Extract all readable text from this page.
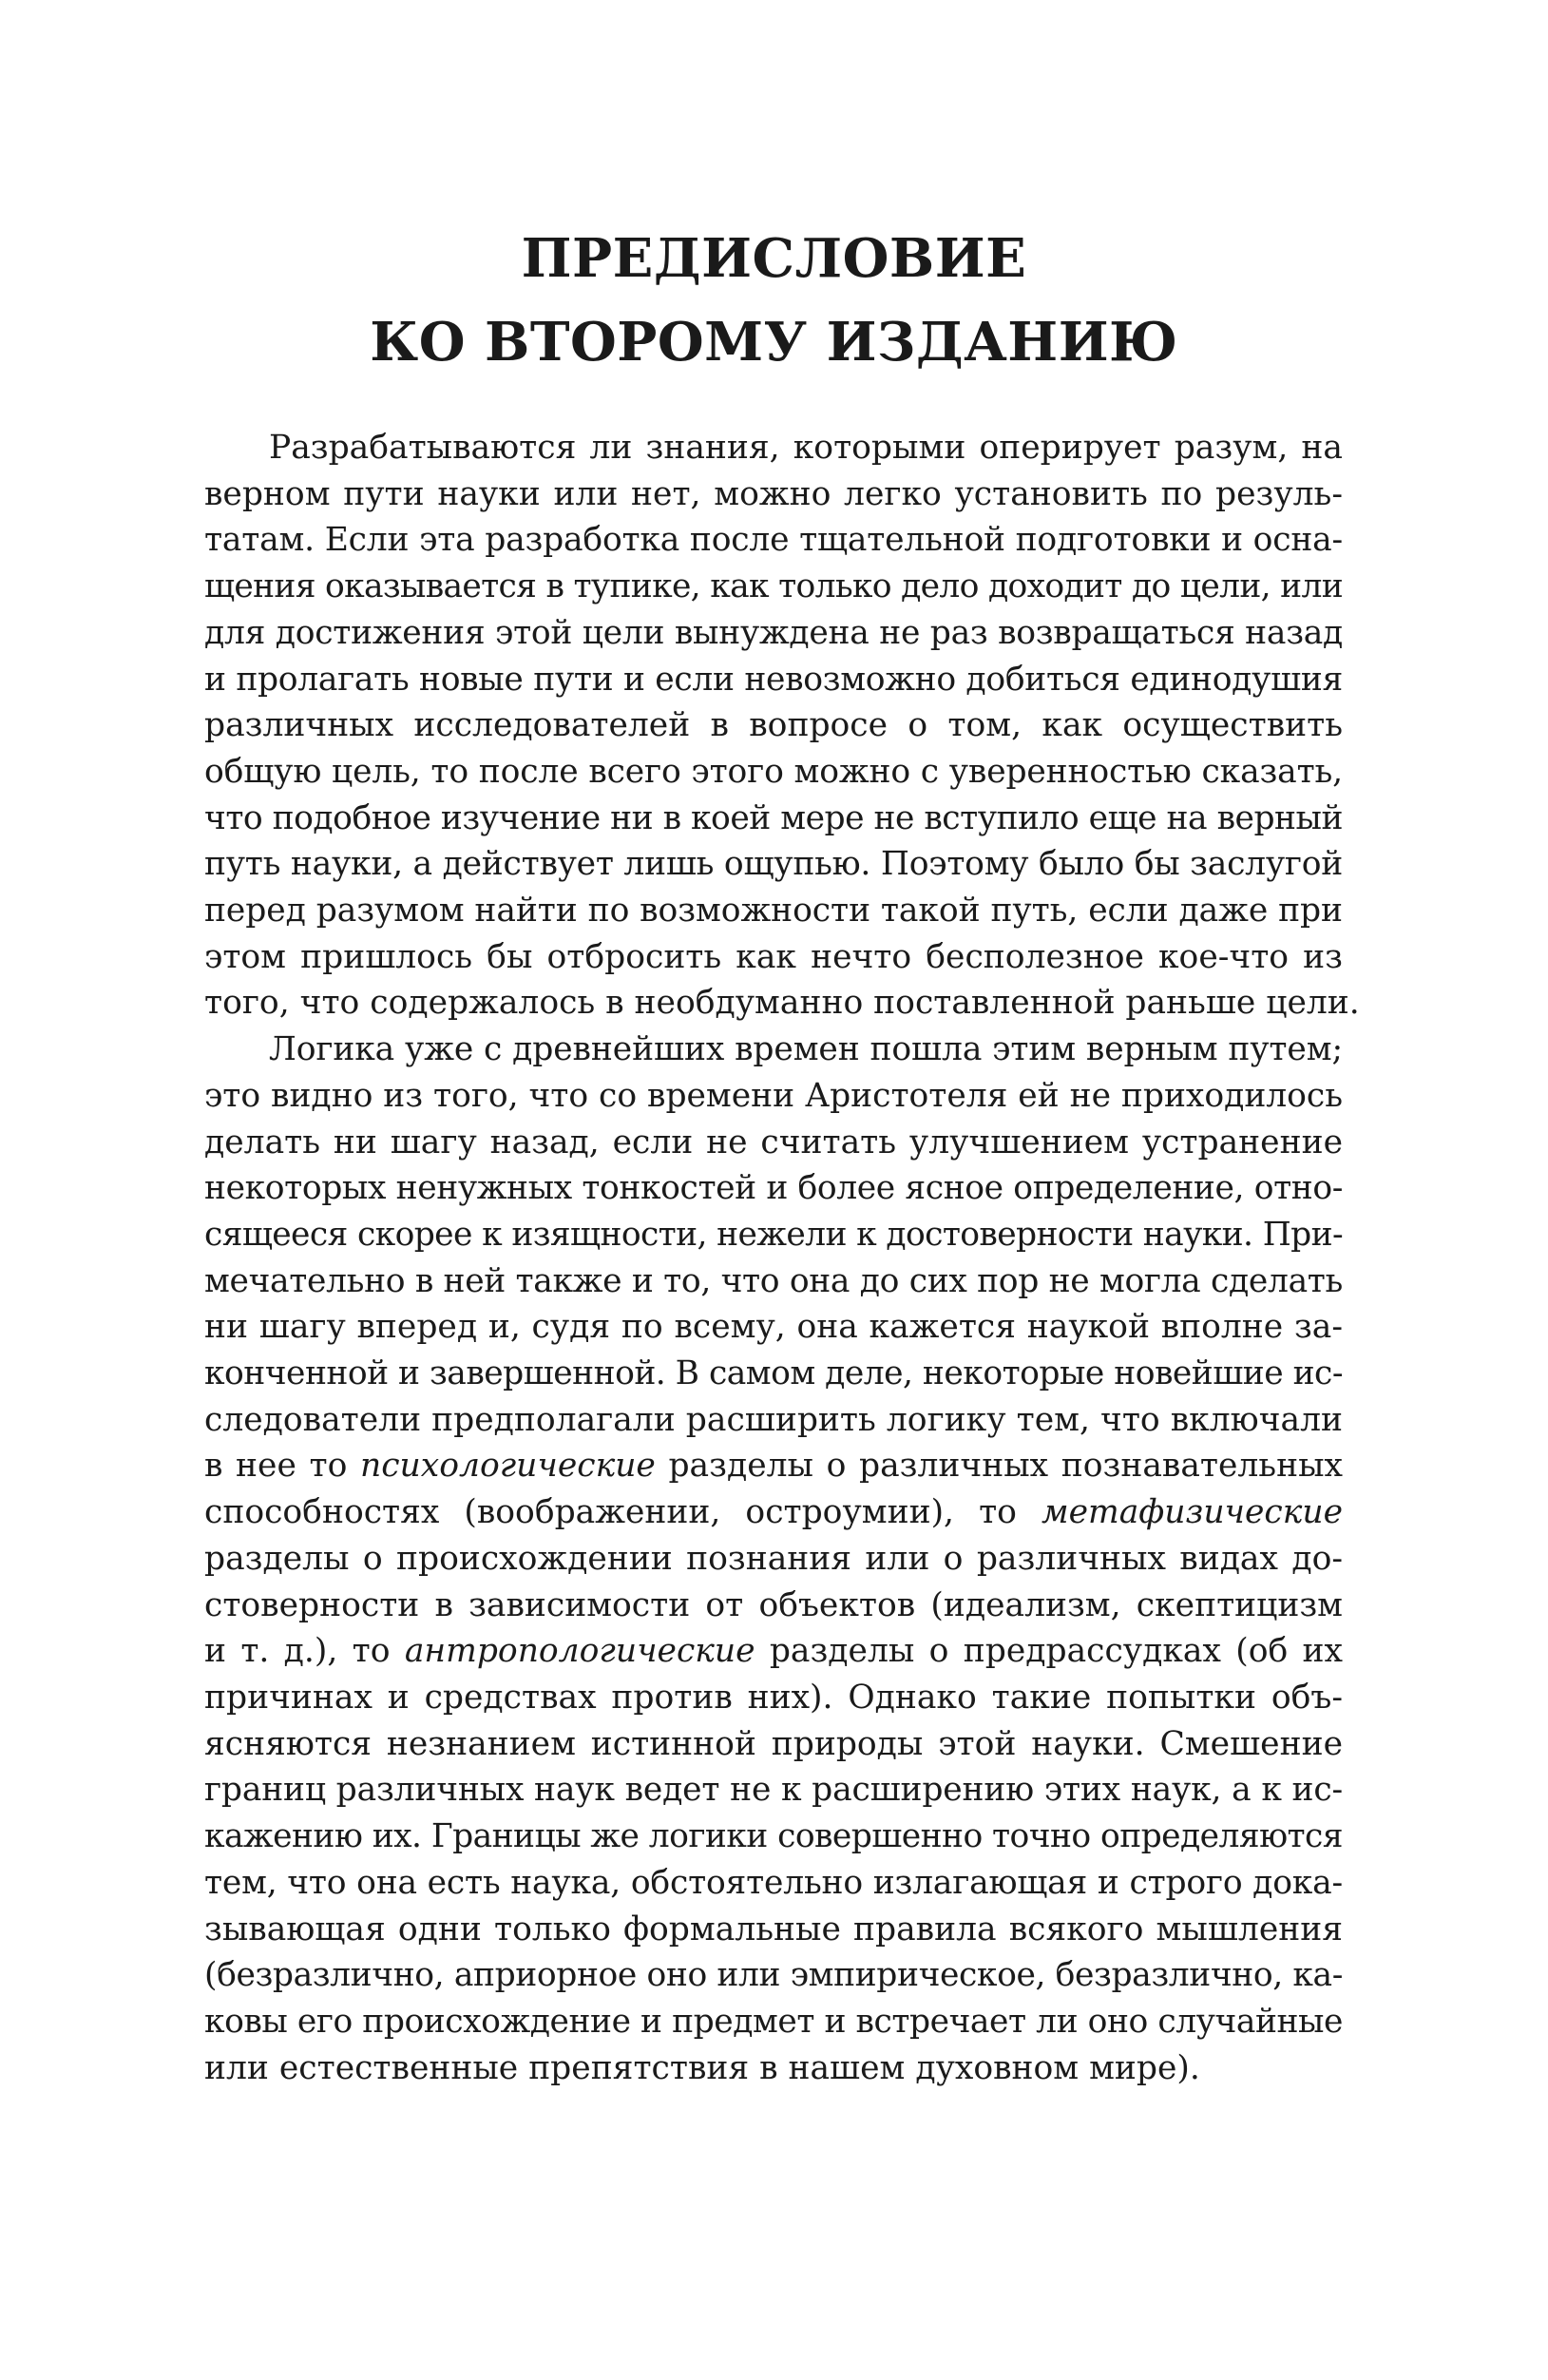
ПРЕДИСЛОВИЕ
КО ВТОРОМУ ИЗДАНИЮ
Разрабатываются ли знания, которыми оперирует разум, на
верном пути науки или нет, можно легко установить по резуль-
татам. Если эта разработка после тщательной подготовки и осна-
щения оказывается в тупике, как только дело доходит до цели, или
для достижения этой цели вынуждена не раз возвращаться назад
и пролагать новые пути и если невозможно добиться единодушия
различных исследователей в вопросе о том, как осуществить
общую цель, то после всего этого можно с уверенностью сказать,
что подобное изучение ни в коей мере не вступило еще на верный
путь науки, а действует лишь ощупью. Поэтому было бы заслугой
перед разумом найти по возможности такой путь, если даже при
этом пришлось бы отбросить как нечто бесполезное кое-что из
того, что содержалось в необдуманно поставленной раньше цели.
Логика уже с древнейших времен пошла этим верным путем;
это видно из того, что со времени Аристотеля ей не приходилось
делать ни шагу назад, если не считать улучшением устранение
некоторых ненужных тонкостей и более ясное определение, отно-
сящееся скорее к изящности, нежели к достоверности науки. При-
мечательно в ней также и то, что она до сих пор не могла сделать
ни шагу вперед и, судя по всему, она кажется наукой вполне за-
конченной и завершенной. В самом деле, некоторые новейшие ис-
следователи предполагали расширить логику тем, что включали
в нее то психологические разделы о различных познавательных
способностях (воображении, остроумии), то метафизические
разделы о происхождении познания или о различных видах до-
стоверности в зависимости от объектов (идеализм, скептицизм
и т. д.), то антропологические разделы о предрассудках (об их
причинах и средствах против них). Однако такие попытки объ-
ясняются незнанием истинной природы этой науки. Смешение
границ различных наук ведет не к расширению этих наук, а к ис-
кажению их. Границы же логики совершенно точно определяются
тем, что она есть наука, обстоятельно излагающая и строго дока-
зывающая одни только формальные правила всякого мышления
(безразлично, априорное оно или эмпирическое, безразлично, ка-
ковы его происхождение и предмет и встречает ли оно случайные
или естественные препятствия в нашем духовном мире).
